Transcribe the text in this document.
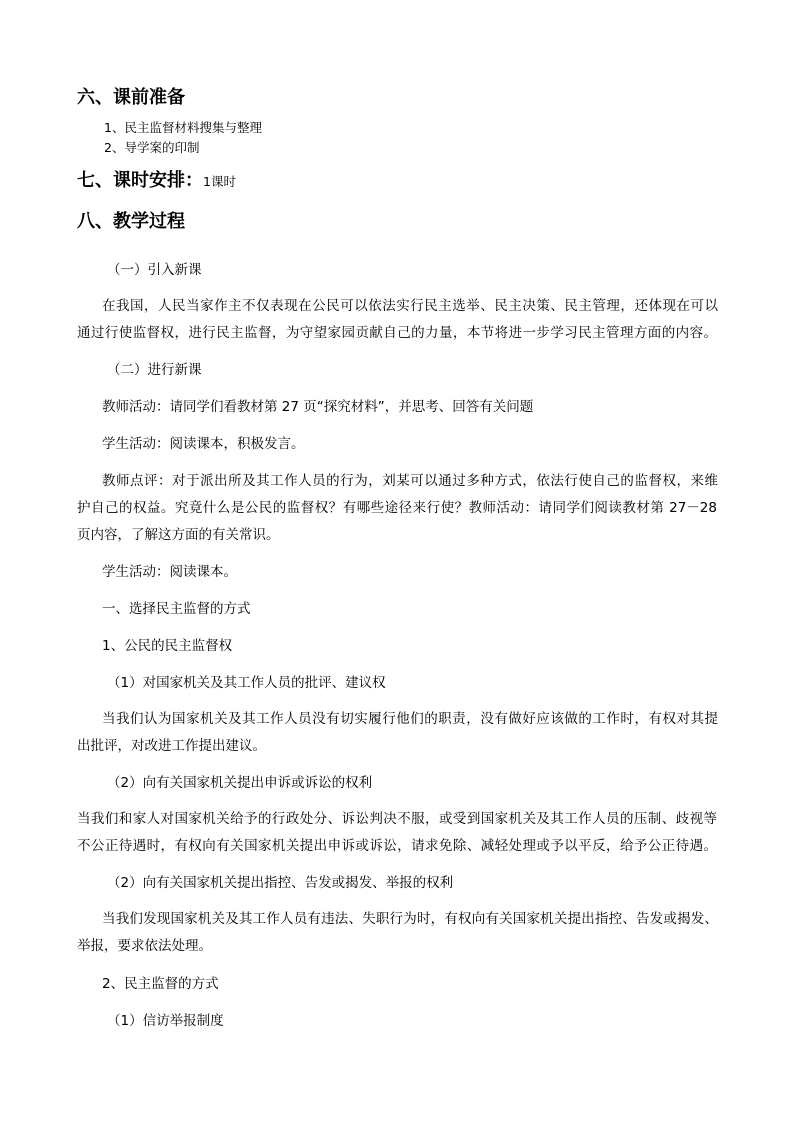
六、课前准备
1、民主监督材料搜集与整理
2、导学案的印制
七、课时安排：1课时
八、教学过程
（一）引入新课
在我国，人民当家作主不仅表现在公民可以依法实行民主选举、民主决策、民主管理，还体现在可以
通过行使监督权，进行民主监督，为守望家园贡献自己的力量，本节将进一步学习民主管理方面的内容。
（二）进行新课
教师活动：请同学们看教材第 27 页“探究材料”，并思考、回答有关问题
学生活动：阅读课本，积极发言。
教师点评：对于派出所及其工作人员的行为，刘某可以通过多种方式，依法行使自己的监督权，来维
护自己的权益。究竟什么是公民的监督权？有哪些途径来行使？教师活动：请同学们阅读教材第 27－28
页内容，了解这方面的有关常识。
学生活动：阅读课本。
一、选择民主监督的方式
1、公民的民主监督权
（1）对国家机关及其工作人员的批评、建议权
当我们认为国家机关及其工作人员没有切实履行他们的职责，没有做好应该做的工作时，有权对其提
出批评，对改进工作提出建议。
（2）向有关国家机关提出申诉或诉讼的权利
当我们和家人对国家机关给予的行政处分、诉讼判决不服，或受到国家机关及其工作人员的压制、歧视等
不公正待遇时，有权向有关国家机关提出申诉或诉讼，请求免除、减轻处理或予以平反，给予公正待遇。
（2）向有关国家机关提出指控、告发或揭发、举报的权利
当我们发现国家机关及其工作人员有违法、失职行为时，有权向有关国家机关提出指控、告发或揭发、
举报，要求依法处理。
2、民主监督的方式
（1）信访举报制度
